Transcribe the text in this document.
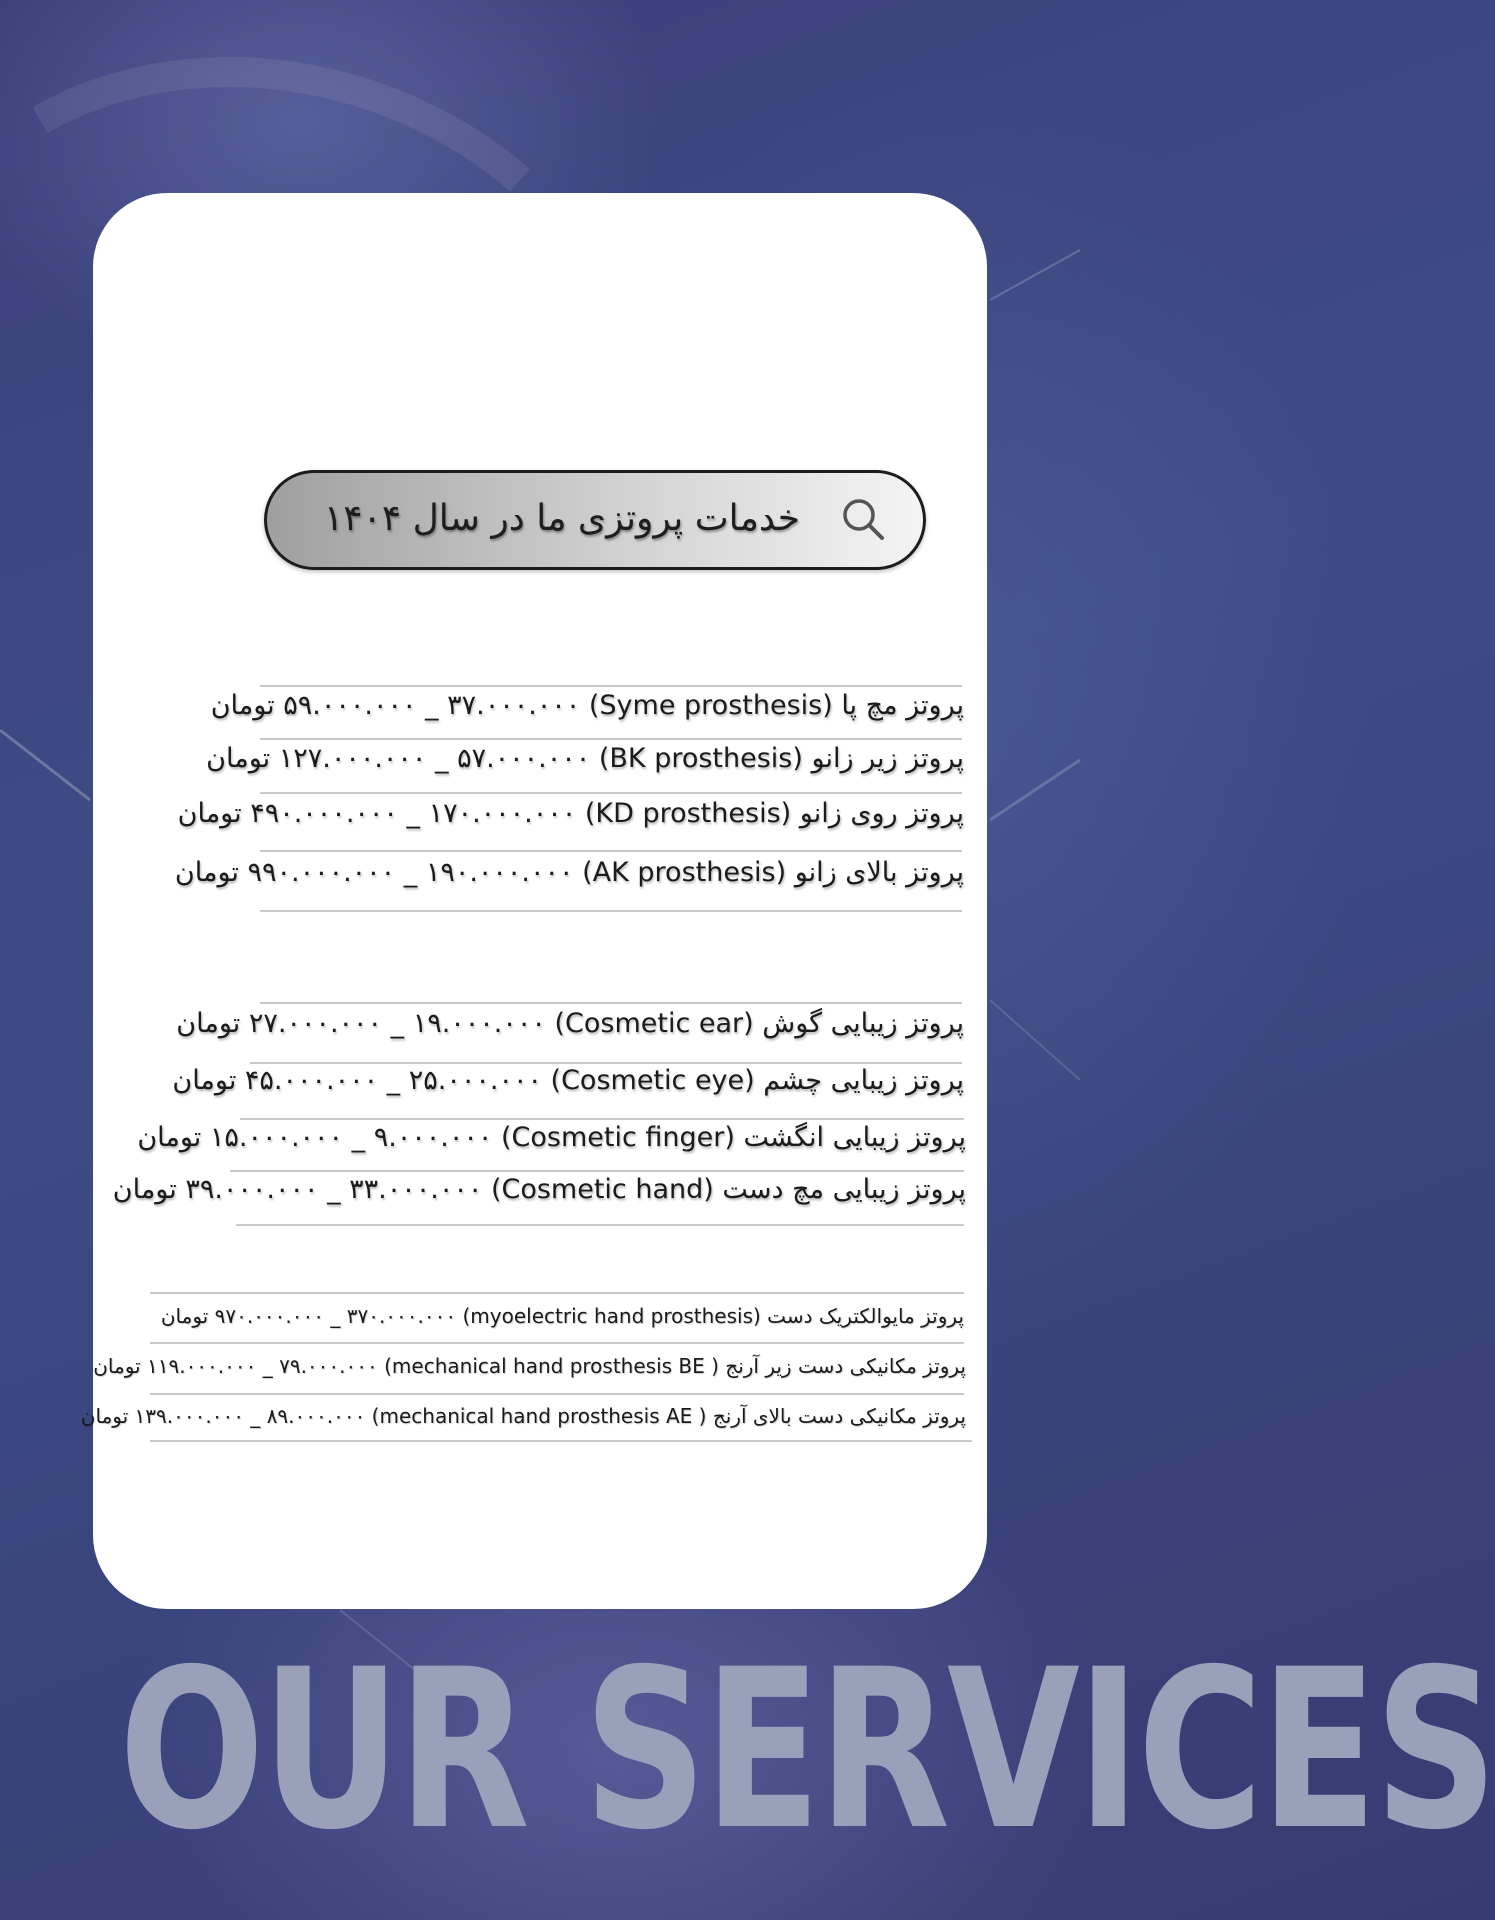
خدمات پروتزی ما در سال ۱۴۰۴
پروتز مچ پا (Syme prosthesis) ۵۹.۰۰۰.۰۰۰ _ ۳۷.۰۰۰.۰۰۰ تومان
پروتز زیر زانو (BK prosthesis) ۱۲۷.۰۰۰.۰۰۰ _ ۵۷.۰۰۰.۰۰۰ تومان
پروتز روی زانو (KD prosthesis) ۴۹۰.۰۰۰.۰۰۰ _ ۱۷۰.۰۰۰.۰۰۰ تومان
پروتز بالای زانو (AK prosthesis) ۹۹۰.۰۰۰.۰۰۰ _ ۱۹۰.۰۰۰.۰۰۰ تومان
پروتز زیبایی گوش (Cosmetic ear) ۲۷.۰۰۰.۰۰۰ _ ۱۹.۰۰۰.۰۰۰ تومان
پروتز زیبایی چشم (Cosmetic eye) ۴۵.۰۰۰.۰۰۰ _ ۲۵.۰۰۰.۰۰۰ تومان
پروتز زیبایی انگشت (Cosmetic finger) ۱۵.۰۰۰.۰۰۰ _ ۹.۰۰۰.۰۰۰ تومان
پروتز زیبایی مچ دست (Cosmetic hand) ۳۹.۰۰۰.۰۰۰ _ ۳۳.۰۰۰.۰۰۰ تومان
پروتز مایوالکتریک دست (myoelectric hand prosthesis) ۹۷۰.۰۰۰.۰۰۰ _ ۳۷۰.۰۰۰.۰۰۰ تومان
پروتز مکانیکی دست زیر آرنج ( mechanical hand prosthesis BE) ۱۱۹.۰۰۰.۰۰۰ _ ۷۹.۰۰۰.۰۰۰ تومان
پروتز مکانیکی دست بالای آرنج ( mechanical hand prosthesis AE) ۱۳۹.۰۰۰.۰۰۰ _ ۸۹.۰۰۰.۰۰۰ تومان
OUR SERVICES
